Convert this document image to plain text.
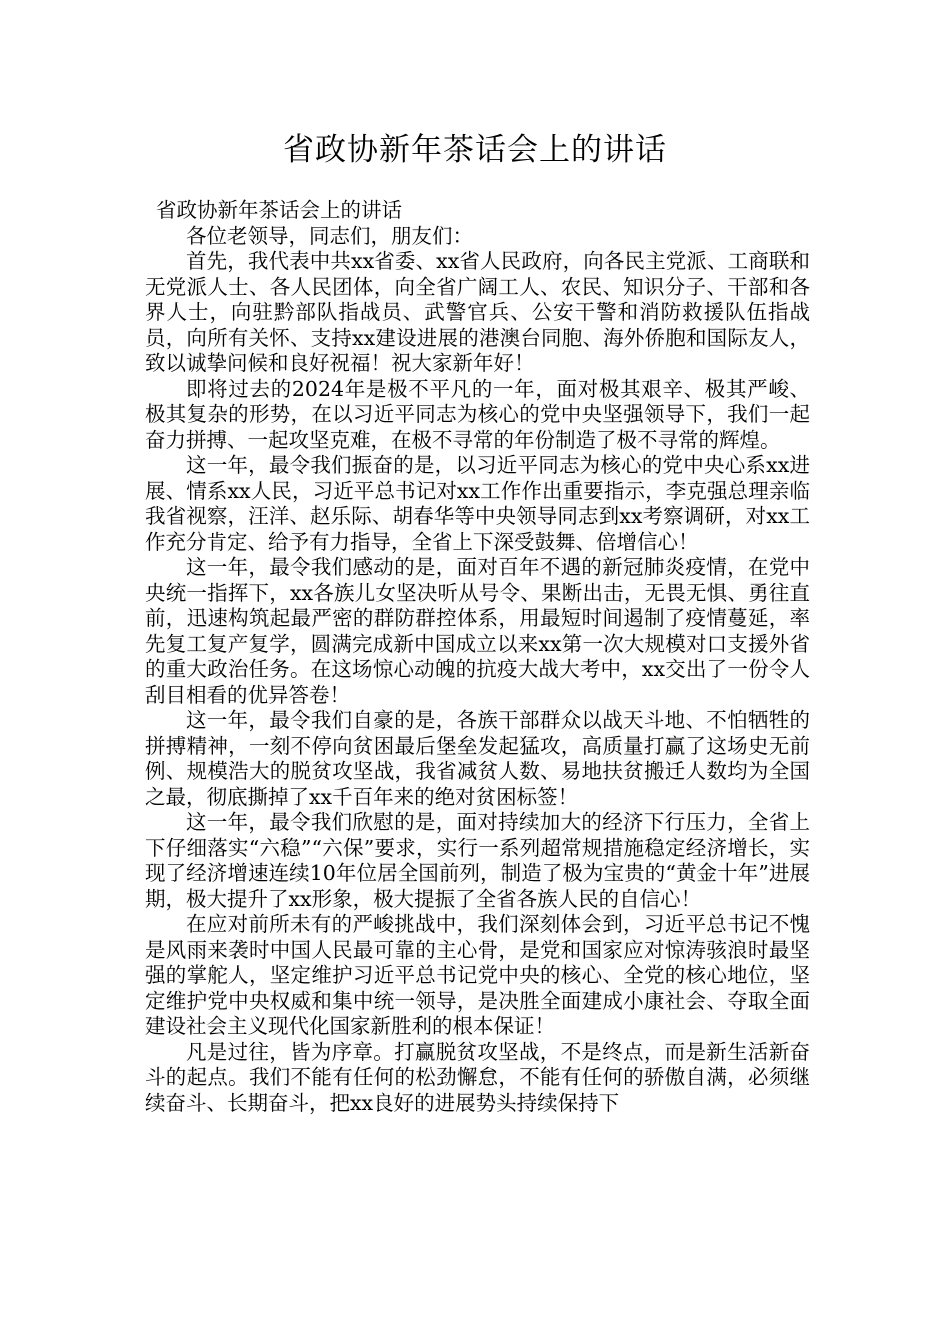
省政协新年茶话会上的讲话

省政协新年茶话会上的讲话

各位老领导，同志们，朋友们：

首先，我代表中共xx省委、xx省人民政府，向各民主党派、工商联和无党派人士、各人民团体，向全省广阔工人、农民、知识分子、干部和各界人士，向驻黔部队指战员、武警官兵、公安干警和消防救援队伍指战员，向所有关怀、支持xx建设进展的港澳台同胞、海外侨胞和国际友人，致以诚挚问候和良好祝福！祝大家新年好！

即将过去的2024年是极不平凡的一年，面对极其艰辛、极其严峻、极其复杂的形势，在以习近平同志为核心的党中央坚强领导下，我们一起奋力拼搏、一起攻坚克难，在极不寻常的年份制造了极不寻常的辉煌。

这一年，最令我们振奋的是，以习近平同志为核心的党中央心系xx进展、情系xx人民，习近平总书记对xx工作作出重要指示，李克强总理亲临我省视察，汪洋、赵乐际、胡春华等中央领导同志到xx考察调研，对xx工作充分肯定、给予有力指导，全省上下深受鼓舞、倍增信心！

这一年，最令我们感动的是，面对百年不遇的新冠肺炎疫情，在党中央统一指挥下，xx各族儿女坚决听从号令、果断出击，无畏无惧、勇往直前，迅速构筑起最严密的群防群控体系，用最短时间遏制了疫情蔓延，率先复工复产复学，圆满完成新中国成立以来xx第一次大规模对口支援外省的重大政治任务。在这场惊心动魄的抗疫大战大考中，xx交出了一份令人刮目相看的优异答卷！

这一年，最令我们自豪的是，各族干部群众以战天斗地、不怕牺牲的拼搏精神，一刻不停向贫困最后堡垒发起猛攻，高质量打赢了这场史无前例、规模浩大的脱贫攻坚战，我省减贫人数、易地扶贫搬迁人数均为全国之最，彻底撕掉了xx千百年来的绝对贫困标签！

这一年，最令我们欣慰的是，面对持续加大的经济下行压力，全省上下仔细落实“六稳”“六保”要求，实行一系列超常规措施稳定经济增长，实现了经济增速连续10年位居全国前列，制造了极为宝贵的“黄金十年”进展期，极大提升了xx形象，极大提振了全省各族人民的自信心！

在应对前所未有的严峻挑战中，我们深刻体会到，习近平总书记不愧是风雨来袭时中国人民最可靠的主心骨，是党和国家应对惊涛骇浪时最坚强的掌舵人，坚定维护习近平总书记党中央的核心、全党的核心地位，坚定维护党中央权威和集中统一领导，是决胜全面建成小康社会、夺取全面建设社会主义现代化国家新胜利的根本保证！

凡是过往，皆为序章。打赢脱贫攻坚战，不是终点，而是新生活新奋斗的起点。我们不能有任何的松劲懈怠，不能有任何的骄傲自满，必须继续奋斗、长期奋斗，把xx良好的进展势头持续保持下
